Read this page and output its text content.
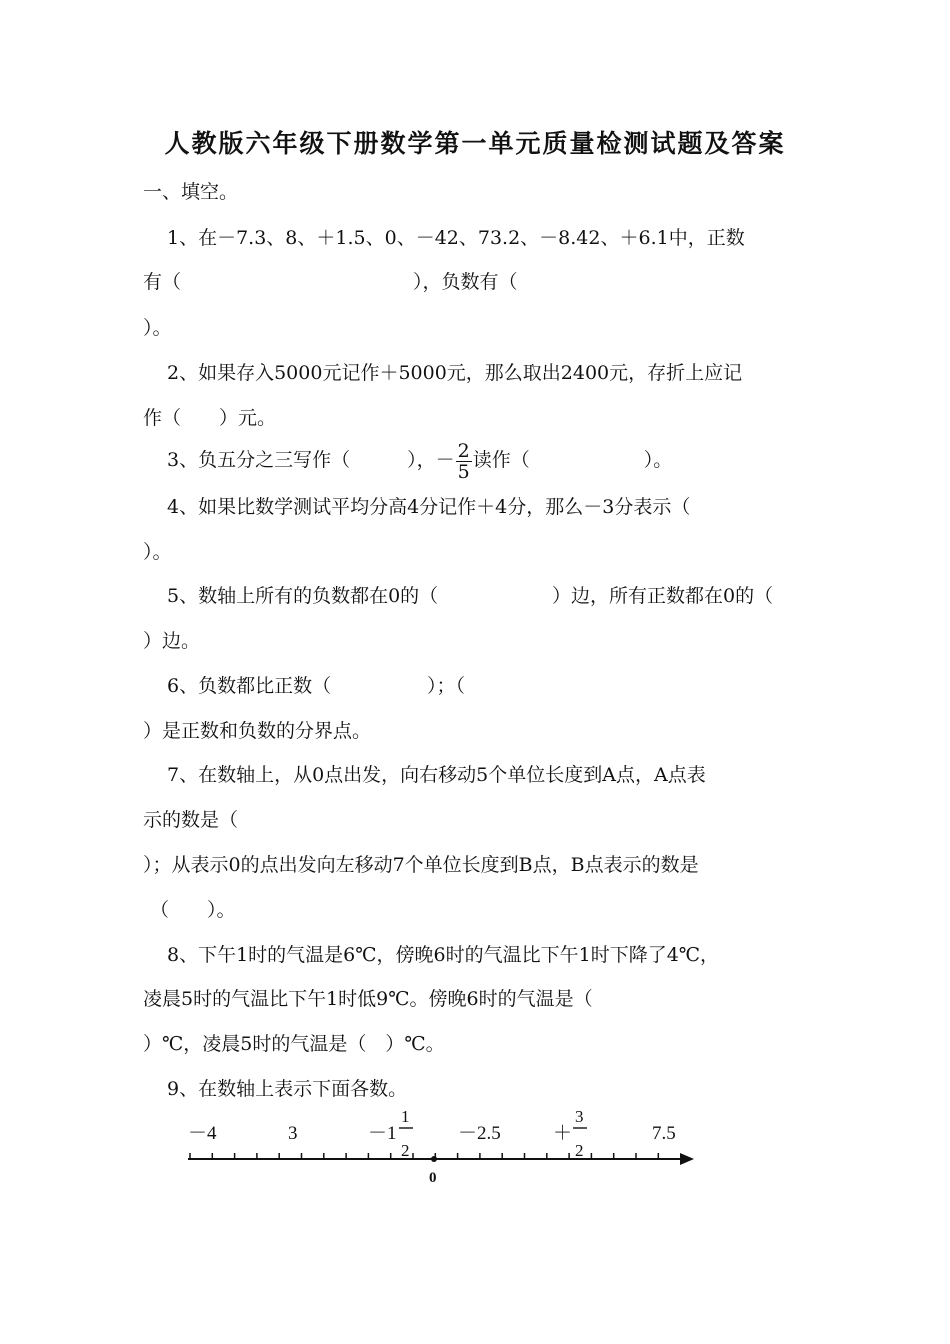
人教版六年级下册数学第一单元质量检测试题及答案
一、填空。
1、在－7.3、8、＋1.5、0、－42、73.2、－8.42、＋6.1中，正数
有（	），负数有（
）。
2、如果存入5000元记作＋5000元，那么取出2400元，存折上应记
作（　　）元。
3、负五分之三写作（　　　），－ $\frac{2}{5}$ 读作（　　　　　　）。
4、如果比数学测试平均分高4分记作＋4分，那么－3分表示（
）。
5、数轴上所有的负数都在0的（	）边，所有正数都在0的（
）边。
6、负数都比正数（	）；（
）是正数和负数的分界点。
7、在数轴上，从0点出发，向右移动5个单位长度到A点，A点表
示的数是（
）；从表示0的点出发向左移动7个单位长度到B点，B点表示的数是
（　　）。
8、下午1时的气温是6℃，傍晚6时的气温比下午1时下降了4℃，
凌晨5时的气温比下午1时低9℃。傍晚6时的气温是（
）℃，凌晨5时的气温是（　）℃。
9、在数轴上表示下面各数。
－4	3	－1
1
2
－2.5	＋
3
2
7.5
0
